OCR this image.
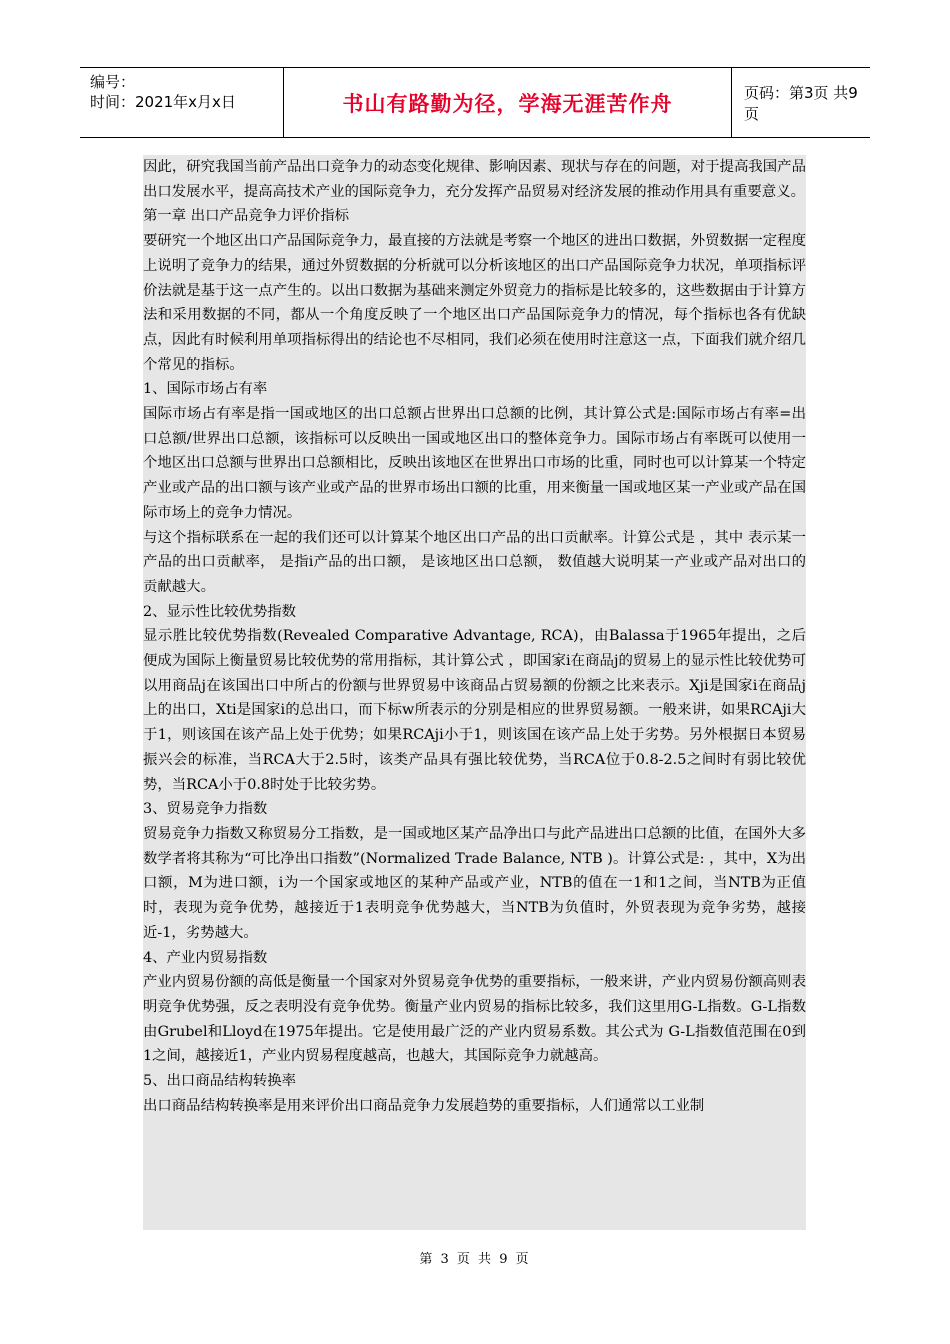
编号：
时间：2021年x月x日	书山有路勤为径，学海无涯苦作舟	页码：第3页 共9页

因此，研究我国当前产品出口竞争力的动态变化规律、影响因素、现状与存在的问题，对于提高我国产品出口发展水平，提高高技术产业的国际竞争力，充分发挥产品贸易对经济发展的推动作用具有重要意义。

第一章 出口产品竞争力评价指标

要研究一个地区出口产品国际竞争力，最直接的方法就是考察一个地区的进出口数据，外贸数据一定程度上说明了竞争力的结果，通过外贸数据的分析就可以分析该地区的出口产品国际竞争力状况，单项指标评价法就是基于这一点产生的。以出口数据为基础来测定外贸竞力的指标是比较多的，这些数据由于计算方法和采用数据的不同，都从一个角度反映了一个地区出口产品国际竞争力的情况，每个指标也各有优缺点，因此有时候利用单项指标得出的结论也不尽相同，我们必须在使用时注意这一点，下面我们就介绍几个常见的指标。

1、国际市场占有率

国际市场占有率是指一国或地区的出口总额占世界出口总额的比例，其计算公式是:国际市场占有率=出口总额/世界出口总额，该指标可以反映出一国或地区出口的整体竞争力。国际市场占有率既可以使用一个地区出口总额与世界出口总额相比，反映出该地区在世界出口市场的比重，同时也可以计算某一个特定产业或产品的出口额与该产业或产品的世界市场出口额的比重，用来衡量一国或地区某一产业或产品在国际市场上的竞争力情况。

与这个指标联系在一起的我们还可以计算某个地区出口产品的出口贡献率。计算公式是 ，其中 表示某一产品的出口贡献率， 是指i产品的出口额， 是该地区出口总额， 数值越大说明某一产业或产品对出口的贡献越大。

2、显示性比较优势指数

显示胜比较优势指数(Revealed Comparative Advantage, RCA)，由Balassa于1965年提出，之后便成为国际上衡量贸易比较优势的常用指标，其计算公式 ，即国家i在商品j的贸易上的显示性比较优势可以用商品j在该国出口中所占的份额与世界贸易中该商品占贸易额的份额之比来表示。Xji是国家i在商品j上的出口，Xti是国家i的总出口，而下标w所表示的分别是相应的世界贸易额。一般来讲，如果RCAji大于1，则该国在该产品上处于优势；如果RCAji小于1，则该国在该产品上处于劣势。另外根据日本贸易振兴会的标准，当RCA大于2.5时，该类产品具有强比较优势，当RCA位于0.8-2.5之间时有弱比较优势，当RCA小于0.8时处于比较劣势。

3、贸易竞争力指数

贸易竞争力指数又称贸易分工指数，是一国或地区某产品净出口与此产品进出口总额的比值，在国外大多数学者将其称为“可比净出口指数”(Normalized Trade Balance, NTB )。计算公式是: ，其中，X为出口额，M为进口额，i为一个国家或地区的某种产品或产业，NTB的值在一1和1之间，当NTB为正值时，表现为竞争优势，越接近于1表明竞争优势越大，当NTB为负值时，外贸表现为竞争劣势，越接近-1，劣势越大。

4、产业内贸易指数

产业内贸易份额的高低是衡量一个国家对外贸易竞争优势的重要指标，一般来讲，产业内贸易份额高则表明竞争优势强，反之表明没有竞争优势。衡量产业内贸易的指标比较多，我们这里用G-L指数。G-L指数由Grubel和Lloyd在1975年提出。它是使用最广泛的产业内贸易系数。其公式为 G-L指数值范围在0到1之间，越接近1，产业内贸易程度越高，也越大，其国际竞争力就越高。

5、出口商品结构转换率

出口商品结构转换率是用来评价出口商品竞争力发展趋势的重要指标，人们通常以工业制

第 3 页 共 9 页
